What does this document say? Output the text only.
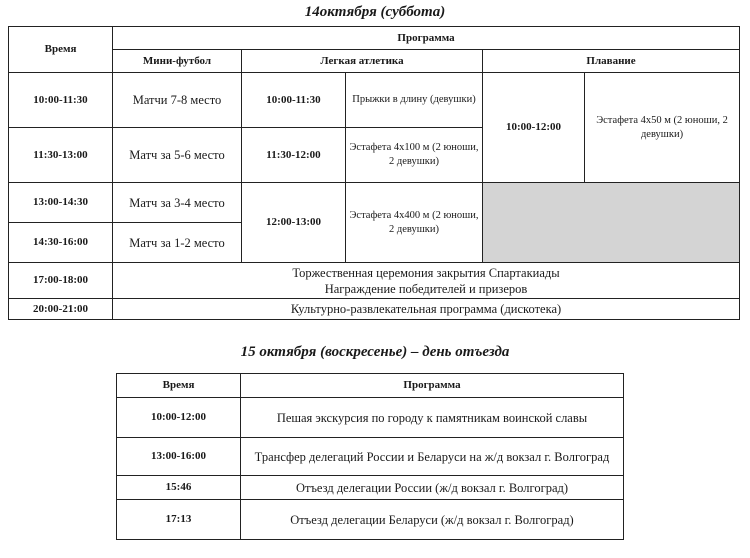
14октября (суббота)
Время	Программа				
	Мини-футбол	Легкая атлетика		Плавание	
10:00-11:30	Матчи 7-8 место	10:00-11:30	Прыжки в длину (девушки)	10:00-12:00	Эстафета 4х50 м (2 юноши, 2 девушки)
11:30-13:00	Матч за 5-6 место	11:30-12:00	Эстафета 4х100 м (2 юноши, 2 девушки)		
13:00-14:30	Матч за 3-4 место	12:00-13:00	Эстафета 4х400 м (2 юноши, 2 девушки)		
14:30-16:00	Матч за 1-2 место				
17:00-18:00	Торжественная церемония закрытия Спартакиады
Награждение победителей и призеров				

20:00-21:00	Культурно-развлекательная программа (дискотека)				
15 октября (воскресенье) – день отъезда
Время	Программа
10:00-12:00	Пешая экскурсия по городу к памятникам воинской славы
13:00-16:00	Трансфер делегаций России и Беларуси на ж/д вокзал г. Волгоград
15:46	Отъезд делегации России (ж/д вокзал г. Волгоград)
17:13	Отъезд делегации Беларуси (ж/д вокзал г. Волгоград)
